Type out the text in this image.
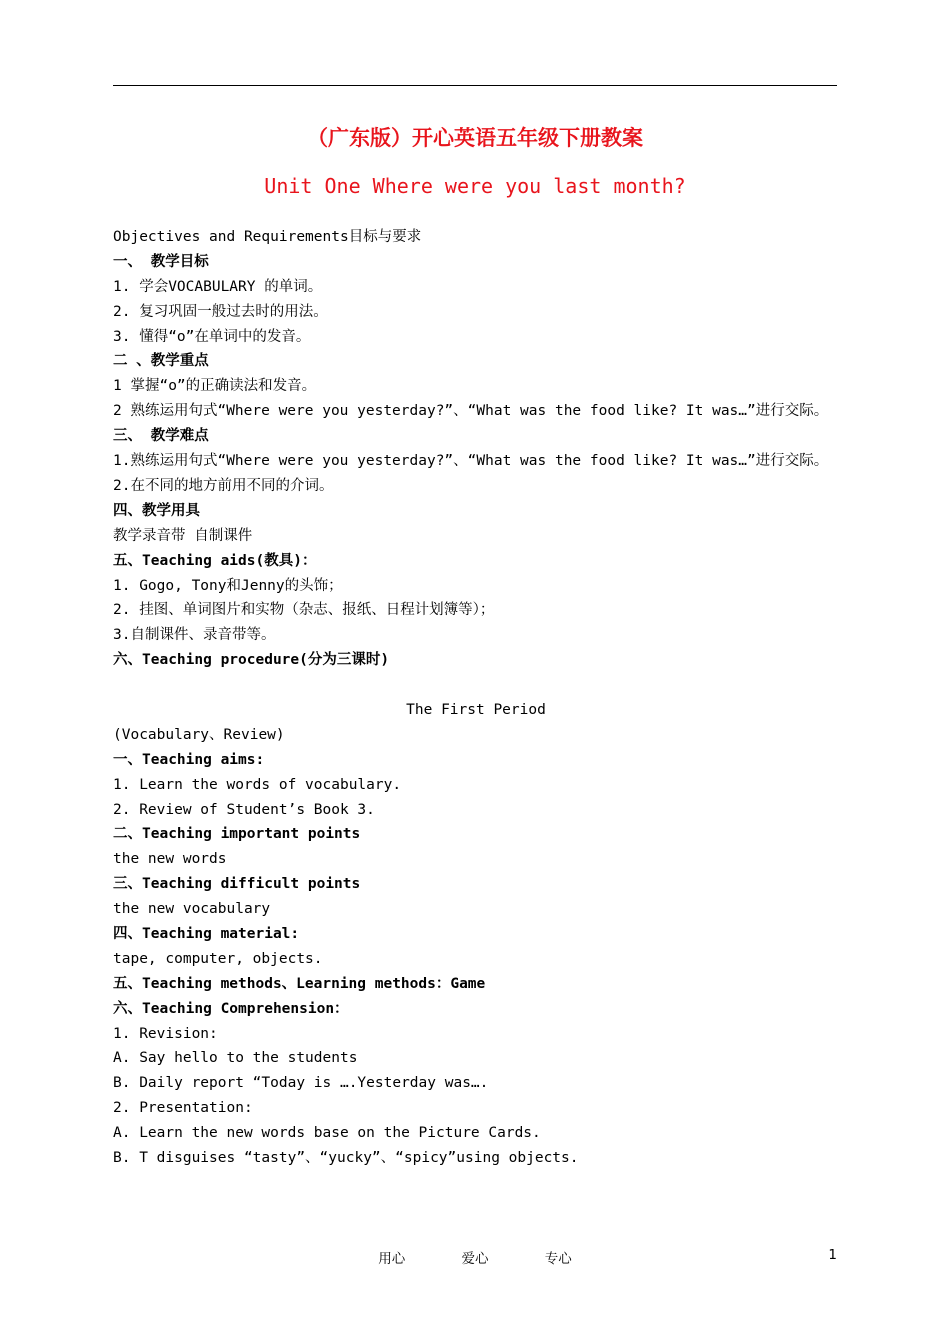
（广东版）开心英语五年级下册教案
Unit One Where were you last month?
Objectives and Requirements目标与要求
一、 教学目标
1. 学会VOCABULARY 的单词。
2. 复习巩固一般过去时的用法。
3. 懂得“o”在单词中的发音。
二 、教学重点
1 掌握“o”的正确读法和发音。
2 熟练运用句式“Where were you yesterday?”、“What was the food like? It was…”进行交际。
三、 教学难点
1.熟练运用句式“Where were you yesterday?”、“What was the food like? It was…”进行交际。
2.在不同的地方前用不同的介词。
四、教学用具
教学录音带 自制课件
五、Teaching aids(教具)：
1. Gogo, Tony和Jenny的头饰；
2. 挂图、单词图片和实物（杂志、报纸、日程计划簿等）；
3.自制课件、录音带等。
六、Teaching procedure(分为三课时)

The First Period
(Vocabulary、Review)
一、Teaching aims:
1. Learn the words of vocabulary.
2. Review of Student’s Book 3.
二、Teaching important points
the new words
三、Teaching difficult points
the new vocabulary
四、Teaching material:
tape, computer, objects.
五、Teaching methods、Learning methods：Game
六、Teaching Comprehension：
1. Revision:
A. Say hello to the students
B. Daily report “Today is ….Yesterday was….
2. Presentation:
A. Learn the new words base on the Picture Cards.
B. T disguises “tasty”、“yucky”、“spicy”using objects.
用心	爱心	专心	1
